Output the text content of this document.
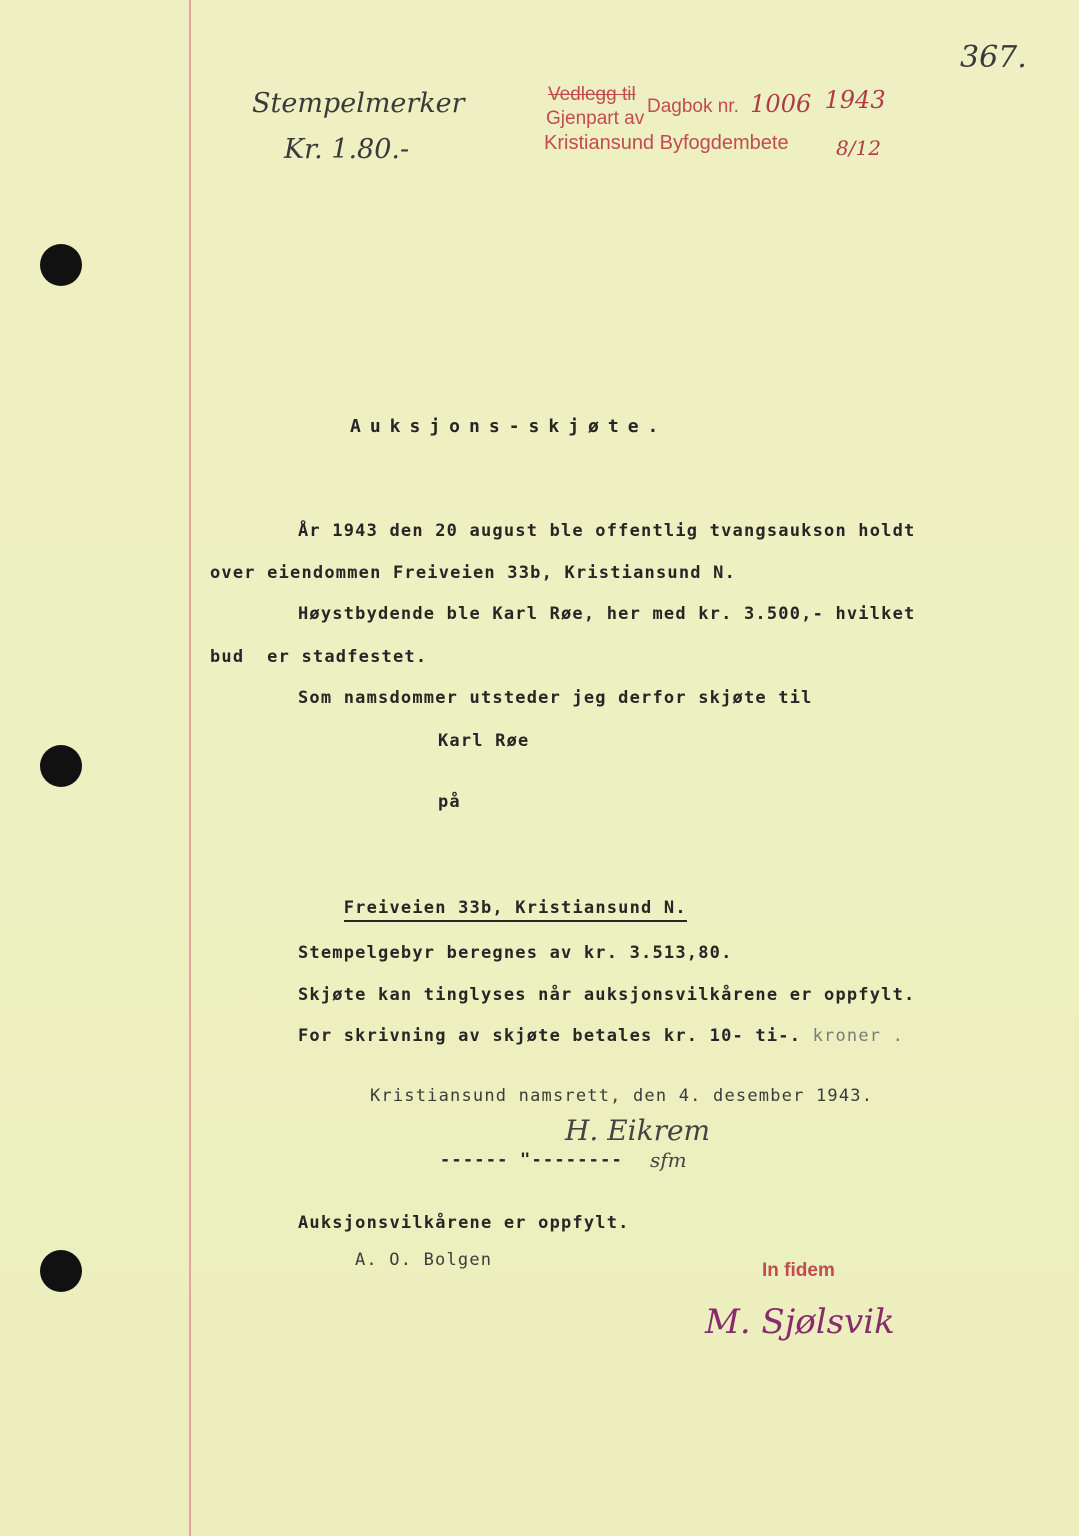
367.
Stempelmerker
Kr. 1.80.-
Vedlegg til Dagbok nr. 1006 1943
Gjenpart av
Kristiansund Byfogdembete 8/12
Auksjons-skjøte.
År 1943 den 20 august ble offentlig tvangsaukson holdt
over eiendommen Freiveien 33b, Kristiansund N.
Høystbydende ble Karl Røe, her med kr. 3.500,- hvilket
bud  er stadfestet.
Som namsdommer utsteder jeg derfor skjøte til
Karl Røe
på

Freiveien 33b, Kristiansund N.

Stempelgebyr beregnes av kr. 3.513,80.
Skjøte kan tinglyses når auksjonsvilkårene er oppfylt.
For skrivning av skjøte betales kr. 10- ti-. kroner .
Kristiansund namsrett, den 4. desember 1943.
H. Eikrem
sfm
------ "--------
Auksjonsvilkårene er oppfylt.
A. O. Bolgen	In fidem
M. Sjølsvik
